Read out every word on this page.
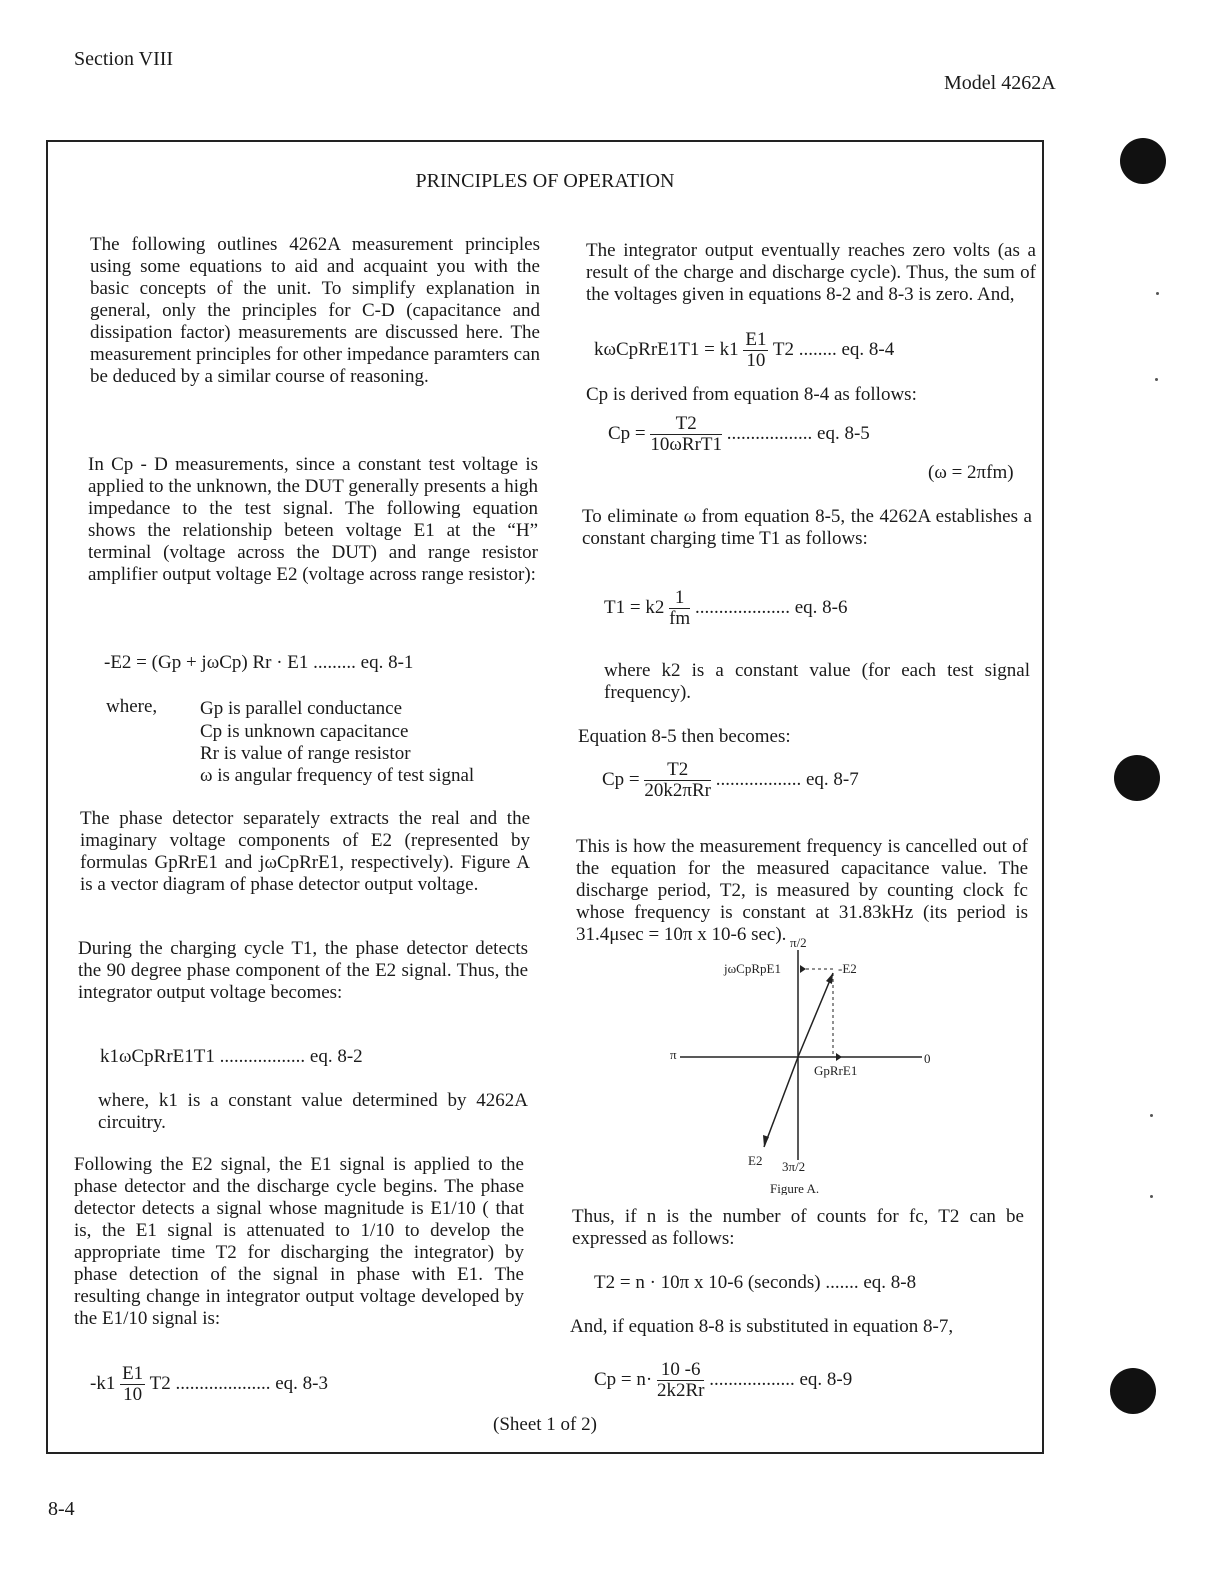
Section VIII
Model 4262A
PRINCIPLES OF OPERATION
The following outlines 4262A measurement principles using some equations to aid and acquaint you with the basic concepts of the unit. To simplify explanation in general, only the principles for C-D (capacitance and dissipation factor) measurements are discussed here. The measurement principles for other impedance paramters can be deduced by a similar course of reasoning.
In Cp - D measurements, since a constant test voltage is applied to the unknown, the DUT generally presents a high impedance to the test signal. The following equation shows the relationship beteen voltage E1 at the “H” terminal (voltage across the DUT) and range resistor amplifier output voltage E2 (voltage across range resistor):
-E2 = (Gp + jωCp) Rr · E1 ......... eq. 8-1
where, Gp is parallel conductance
Cp is unknown capacitance
Rr is value of range resistor
ω is angular frequency of test signal
The phase detector separately extracts the real and the imaginary voltage components of E2 (represented by formulas GpRrE1 and jωCpRrE1, respectively). Figure A is a vector diagram of phase detector output voltage.
During the charging cycle T1, the phase detector detects the 90 degree phase component of the E2 signal. Thus, the integrator output voltage becomes:
k1ωCpRrE1T1 .................. eq. 8-2
where, k1 is a constant value determined by 4262A circuitry.
Following the E2 signal, the E1 signal is applied to the phase detector and the discharge cycle begins. The phase detector detects a signal whose magnitude is E1/10 ( that is, the E1 signal is attenuated to 1/10 to develop the appropriate time T2 for discharging the integrator) by phase detection of the signal in phase with E1. The resulting change in integrator output voltage developed by the E1/10 signal is:
$-k1 \frac{E1}{10} T2$ .................... eq. 8-3
The integrator output eventually reaches zero volts (as a result of the charge and discharge cycle). Thus, the sum of the voltages given in equations 8-2 and 8-3 is zero. And,
kωCpRrE1T1 = $k1 \frac{E1}{10} T2$ ........ eq. 8-4
Cp is derived from equation 8-4 as follows:
$Cp = \frac{T2}{\text{10ωRrT1}}$ .................. eq. 8-5
(ω = 2πfm)
To eliminate ω from equation 8-5, the 4262A establishes a constant charging time T1 as follows:
$T1 = k2 \frac{1}{fm}$ .................... eq. 8-6
where k2 is a constant value (for each test signal frequency).
Equation 8-5 then becomes:
$Cp = \frac{T2}{\text{20k2πRr}}$ .................. eq. 8-7
This is how the measurement frequency is cancelled out of the equation for the measured capacitance value. The discharge period, T2, is measured by counting clock fc whose frequency is constant at 31.83kHz (its period is 31.4μsec = 10π x 10-6 sec).
Thus, if n is the number of counts for fc, T2 can be expressed as follows:
T2 = n · 10π x 10-6 (seconds) ....... eq. 8-8
And, if equation 8-8 is substituted in equation 8-7,
$Cp = n\cdot \frac{10 -6}{2k2Rr}$ .................. eq. 8-9
(Sheet 1 of 2)
π/2
jωCpRpE1	-E2
π	0
GpRrE1
E2 3π/2
Figure A.
8-4
